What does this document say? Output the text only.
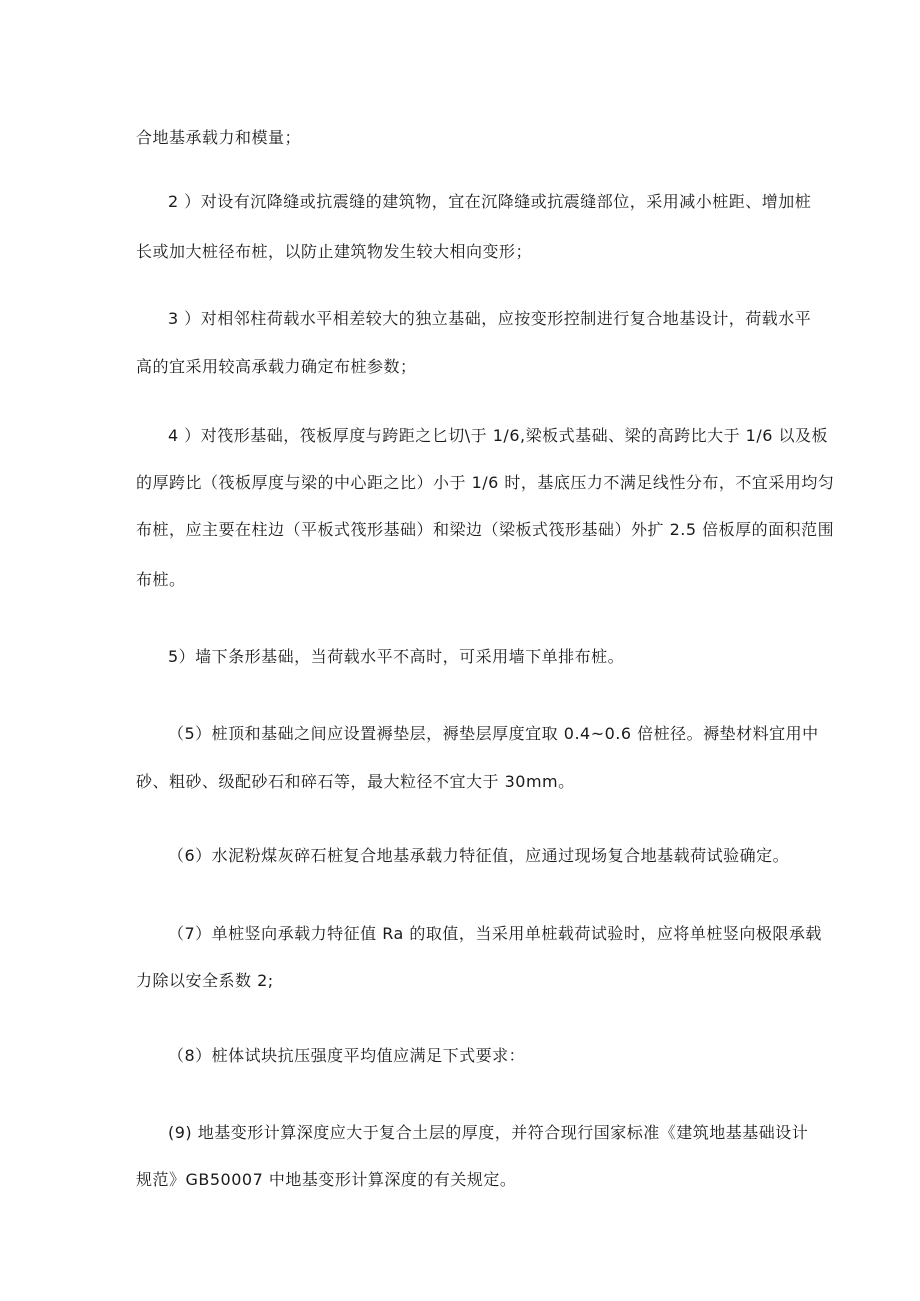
合地基承载力和模量；
2 ）对设有沉降缝或抗震缝的建筑物，宜在沉降缝或抗震缝部位，采用减小桩距、增加桩
长或加大桩径布桩，以防止建筑物发生较大相向变形；
3 ）对相邻柱荷载水平相差较大的独立基础，应按变形控制进行复合地基设计，荷载水平
高的宜采用较高承载力确定布桩参数；
4 ）对筏形基础，筏板厚度与跨距之匕切\于 1/6,梁板式基础、梁的高跨比大于 1/6 以及板
的厚跨比（筏板厚度与梁的中心距之比）小于 1/6 时，基底压力不满足线性分布，不宜采用均匀
布桩，应主要在柱边（平板式筏形基础）和梁边（梁板式筏形基础）外扩 2.5 倍板厚的面积范围
布桩。
5）墙下条形基础，当荷载水平不高时，可采用墙下单排布桩。
（5）桩顶和基础之间应设置褥垫层，褥垫层厚度宜取 0.4~0.6 倍桩径。褥垫材料宜用中
砂、粗砂、级配砂石和碎石等，最大粒径不宜大于 30mm。
（6）水泥粉煤灰碎石桩复合地基承载力特征值，应通过现场复合地基载荷试验确定。
（7）单桩竖向承载力特征值 Ra 的取值，当采用单桩载荷试验时，应将单桩竖向极限承载
力除以安全系数 2;
（8）桩体试块抗压强度平均值应满足下式要求：
(9) 地基变形计算深度应大于复合土层的厚度，并符合现行国家标准《建筑地基基础设计
规范》GB50007 中地基变形计算深度的有关规定。
